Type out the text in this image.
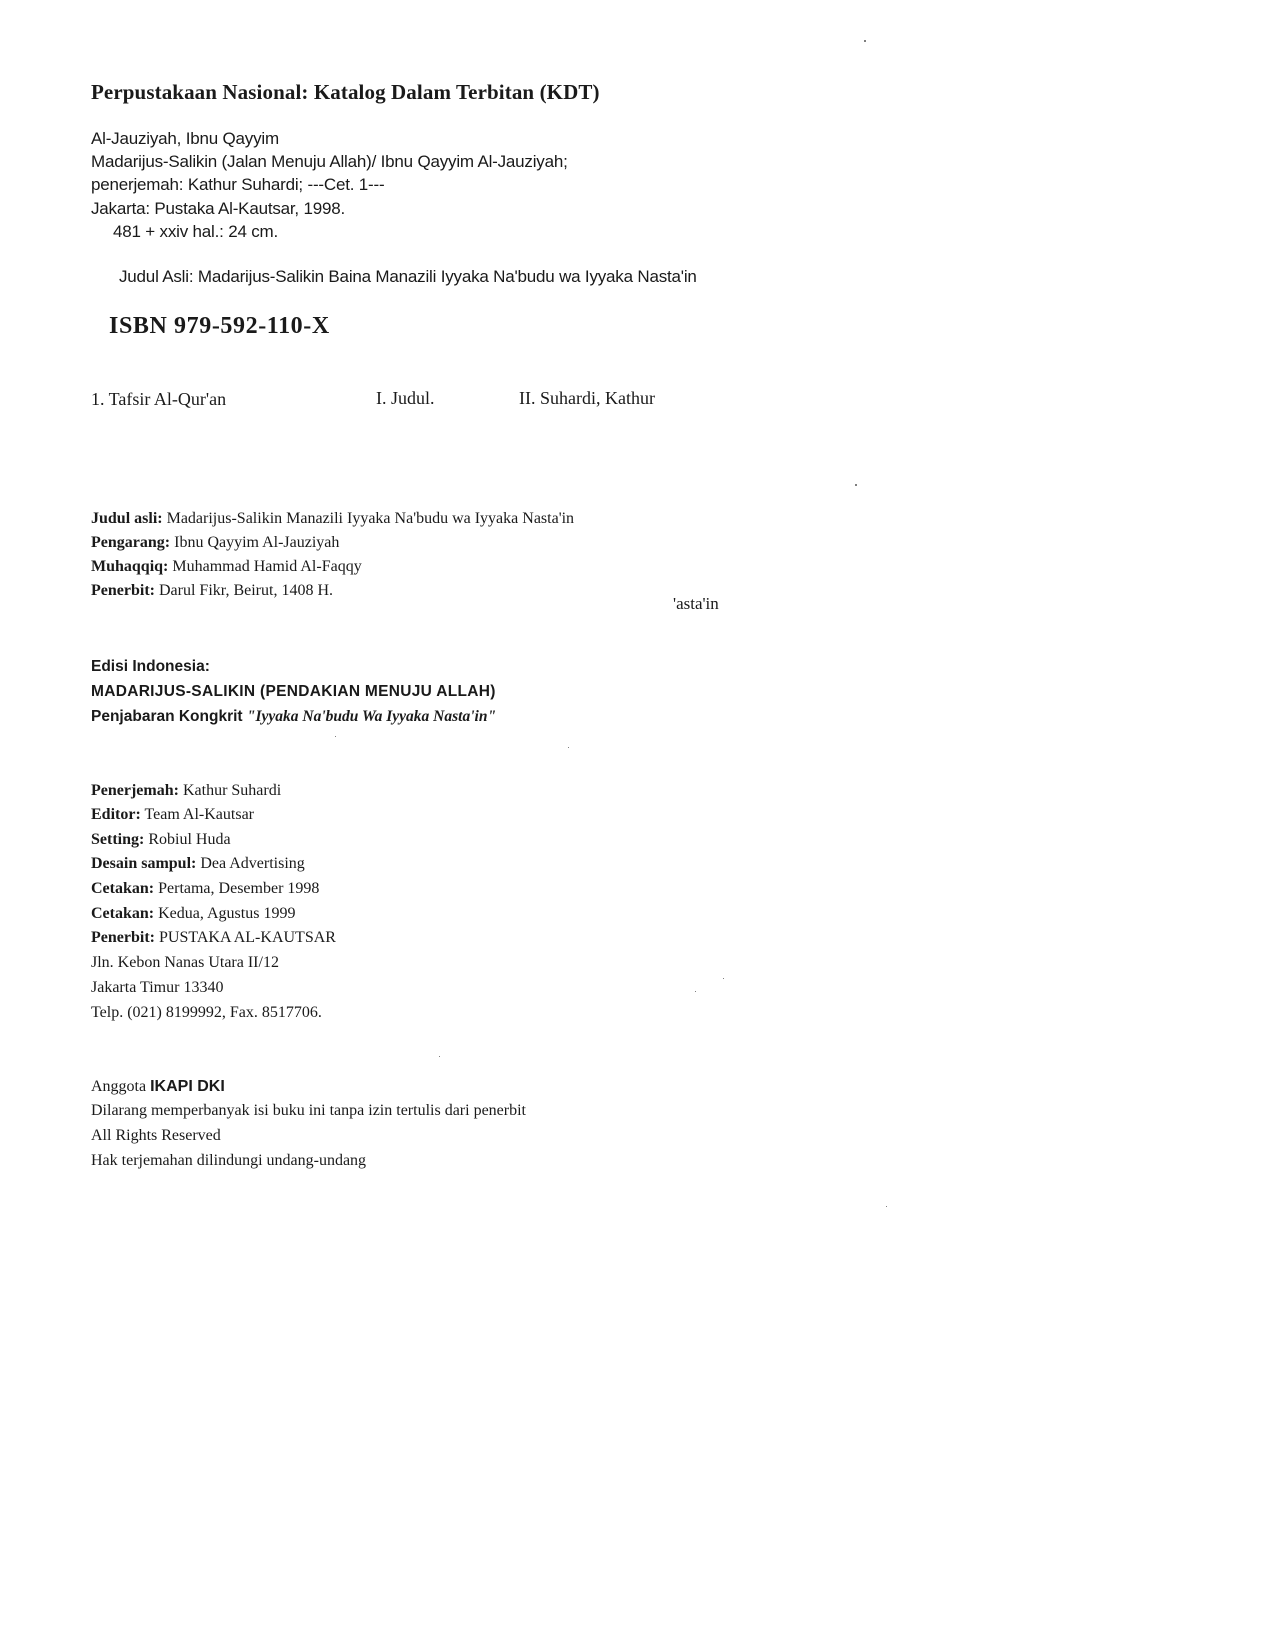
Perpustakaan Nasional: Katalog Dalam Terbitan (KDT)
Al-Jauziyah, Ibnu Qayyim
Madarijus-Salikin (Jalan Menuju Allah)/ Ibnu Qayyim Al-Jauziyah;
penerjemah: Kathur Suhardi; ---Cet. 1---
Jakarta: Pustaka Al-Kautsar, 1998.
481 + xxiv hal.: 24 cm.
Judul Asli: Madarijus-Salikin Baina Manazili Iyyaka Na'budu wa Iyyaka Nasta'in
ISBN 979-592-110-X
1. Tafsir Al-Qur'an	I. Judul.	II. Suhardi, Kathur
Judul asli: Madarijus-Salikin Manazili Iyyaka Na'budu wa Iyyaka Nasta'in
Pengarang: Ibnu Qayyim Al-Jauziyah
Muhaqqiq: Muhammad Hamid Al-Faqqy
Penerbit: Darul Fikr, Beirut, 1408 H.
'asta'in
Edisi Indonesia:
MADARIJUS-SALIKIN (PENDAKIAN MENUJU ALLAH)
Penjabaran Kongkrit "Iyyaka Na'budu Wa Iyyaka Nasta'in"
Penerjemah: Kathur Suhardi
Editor: Team Al-Kautsar
Setting: Robiul Huda
Desain sampul: Dea Advertising
Cetakan: Pertama, Desember 1998
Cetakan: Kedua, Agustus 1999
Penerbit: PUSTAKA AL-KAUTSAR
Jln. Kebon Nanas Utara II/12
Jakarta Timur 13340
Telp. (021) 8199992, Fax. 8517706.
Anggota IKAPI DKI
Dilarang memperbanyak isi buku ini tanpa izin tertulis dari penerbit
All Rights Reserved
Hak terjemahan dilindungi undang-undang
